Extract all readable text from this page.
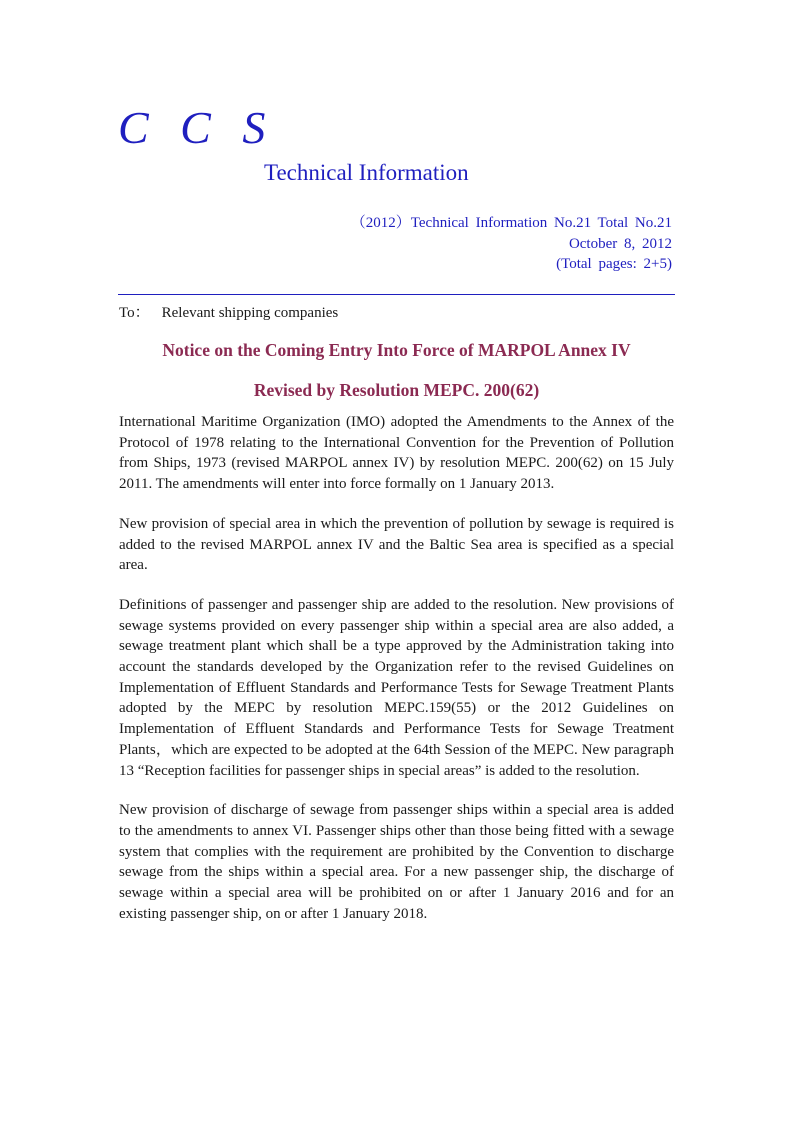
C C S
Technical Information
（2012）Technical Information No.21 Total No.21
October 8, 2012
(Total pages: 2+5)
To： Relevant shipping companies
Notice on the Coming Entry Into Force of MARPOL Annex IV
Revised by Resolution MEPC. 200(62)

International Maritime Organization (IMO) adopted the Amendments to the Annex of the Protocol of 1978 relating to the International Convention for the Prevention of Pollution from Ships, 1973 (revised MARPOL annex IV) by resolution MEPC. 200(62) on 15 July 2011. The amendments will enter into force formally on 1 January 2013.

New provision of special area in which the prevention of pollution by sewage is required is added to the revised MARPOL annex IV and the Baltic Sea area is specified as a special area.

Definitions of passenger and passenger ship are added to the resolution. New provisions of sewage systems provided on every passenger ship within a special area are also added, a sewage treatment plant which shall be a type approved by the Administration taking into account the standards developed by the Organization refer to the revised Guidelines on Implementation of Effluent Standards and Performance Tests for Sewage Treatment Plants adopted by the MEPC by resolution MEPC.159(55) or the 2012 Guidelines on Implementation of Effluent Standards and Performance Tests for Sewage Treatment Plants，which are expected to be adopted at the 64th Session of the MEPC. New paragraph 13 “Reception facilities for passenger ships in special areas” is added to the resolution.

New provision of discharge of sewage from passenger ships within a special area is added to the amendments to annex VI. Passenger ships other than those being fitted with a sewage system that complies with the requirement are prohibited by the Convention to discharge sewage from the ships within a special area. For a new passenger ship, the discharge of sewage within a special area will be prohibited on or after 1 January 2016 and for an existing passenger ship, on or after 1 January 2018.
